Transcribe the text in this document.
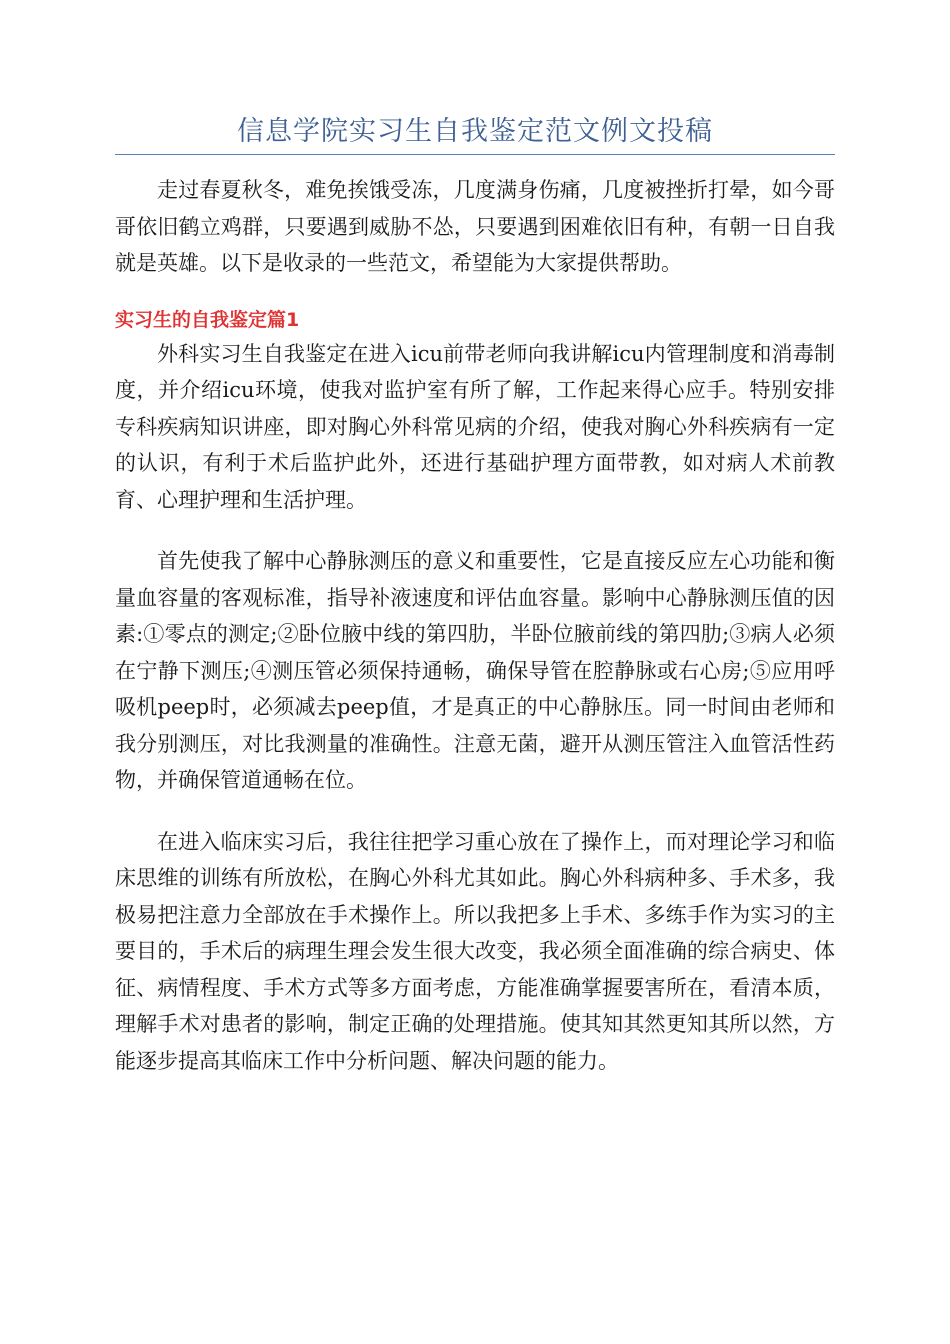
信息学院实习生自我鉴定范文例文投稿

走过春夏秋冬，难免挨饿受冻，几度满身伤痛，几度被挫折打晕，如今哥哥依旧鹤立鸡群，只要遇到威胁不怂，只要遇到困难依旧有种，有朝一日自我就是英雄。以下是收录的一些范文，希望能为大家提供帮助。

实习生的自我鉴定篇1

外科实习生自我鉴定在进入icu前带老师向我讲解icu内管理制度和消毒制度，并介绍icu环境，使我对监护室有所了解，工作起来得心应手。特别安排专科疾病知识讲座，即对胸心外科常见病的介绍，使我对胸心外科疾病有一定的认识，有利于术后监护此外，还进行基础护理方面带教，如对病人术前教育、心理护理和生活护理。

首先使我了解中心静脉测压的意义和重要性，它是直接反应左心功能和衡量血容量的客观标准，指导补液速度和评估血容量。影响中心静脉测压值的因素:①零点的测定;②卧位腋中线的第四肋，半卧位腋前线的第四肋;③病人必须在宁静下测压;④测压管必须保持通畅，确保导管在腔静脉或右心房;⑤应用呼吸机peep时，必须减去peep值，才是真正的中心静脉压。同一时间由老师和我分别测压，对比我测量的准确性。注意无菌，避开从测压管注入血管活性药物，并确保管道通畅在位。

在进入临床实习后，我往往把学习重心放在了操作上，而对理论学习和临床思维的训练有所放松，在胸心外科尤其如此。胸心外科病种多、手术多，我极易把注意力全部放在手术操作上。所以我把多上手术、多练手作为实习的主要目的，手术后的病理生理会发生很大改变，我必须全面准确的综合病史、体征、病情程度、手术方式等多方面考虑，方能准确掌握要害所在，看清本质，理解手术对患者的影响，制定正确的处理措施。使其知其然更知其所以然，方能逐步提高其临床工作中分析问题、解决问题的能力。
